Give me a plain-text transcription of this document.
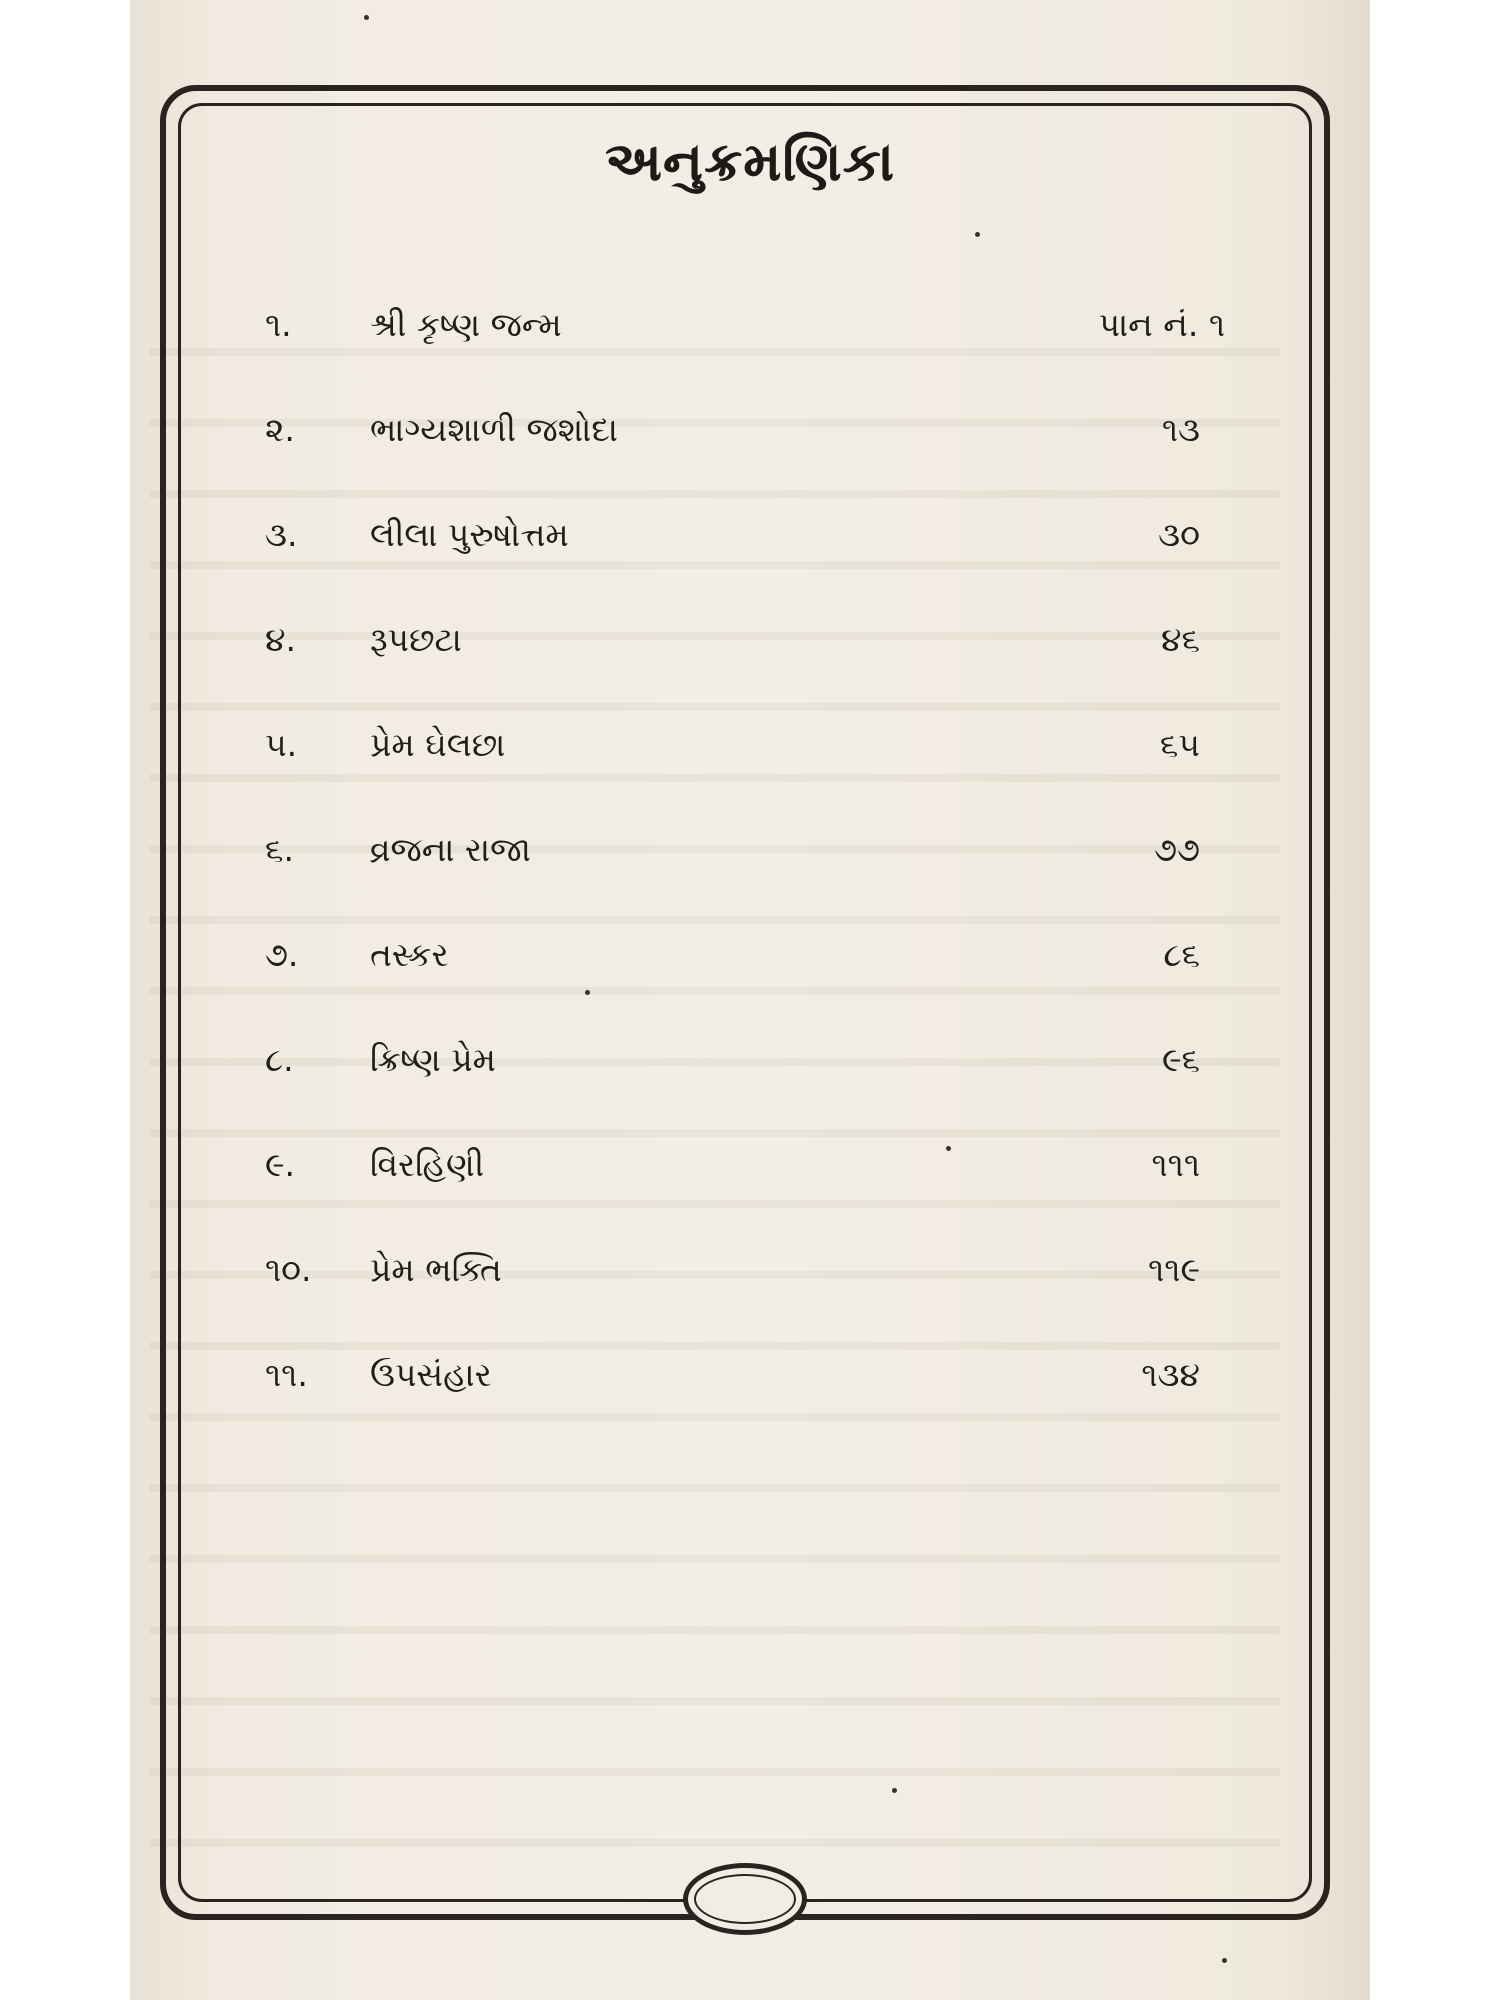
અનુક્રમણિકા
૧. શ્રી કૃષ્ણ જન્મ	પાન નં. ૧
૨. ભાગ્યશાળી જશોદા	૧૩
૩. લીલા પુરુષોત્તમ	૩૦
૪. રૂપછટા	૪૬
૫. પ્રેમ ઘેલછા	૬૫
૬. વ્રજના રાજા	૭૭
૭. તસ્કર	૮૬
૮. ક્રિષ્ણ પ્રેમ	૯૬
૯. વિરહિણી	૧૧૧
૧૦. પ્રેમ ભક્તિ	૧૧૯
૧૧. ઉપસંહાર	૧૩૪
